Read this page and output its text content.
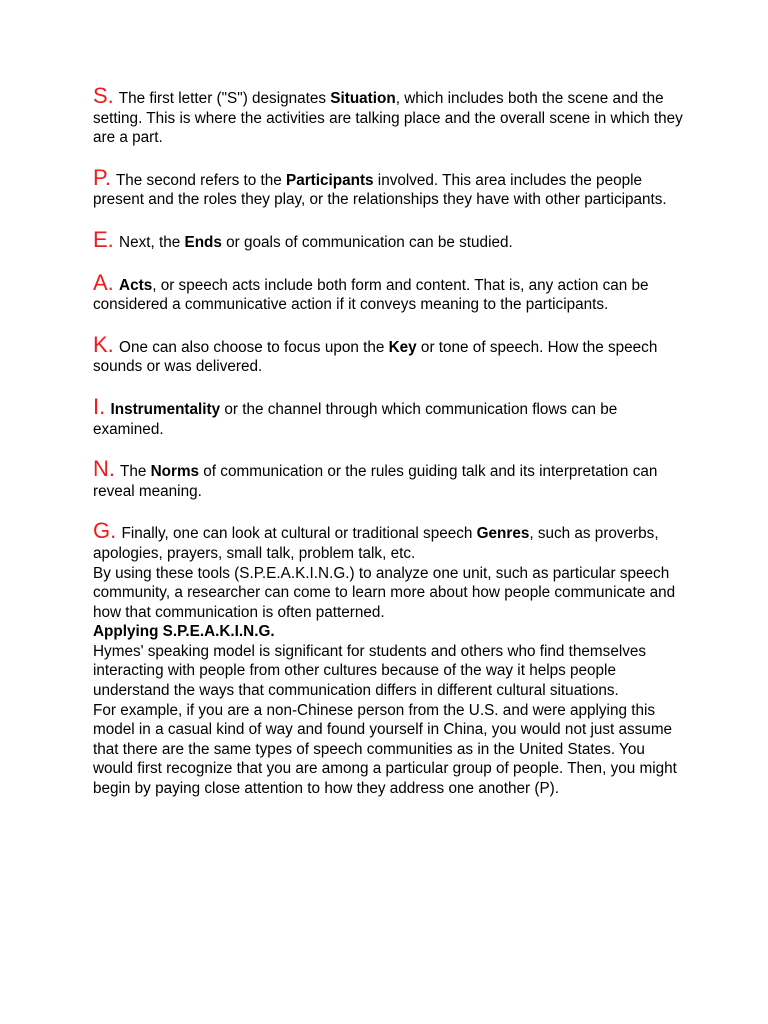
S. The first letter ("S") designates Situation, which includes both the scene and the setting. This is where the activities are talking place and the overall scene in which they are a part.

P. The second refers to the Participants involved. This area includes the people present and the roles they play, or the relationships they have with other participants.

E. Next, the Ends or goals of communication can be studied.

A. Acts, or speech acts include both form and content. That is, any action can be considered a communicative action if it conveys meaning to the participants.

K. One can also choose to focus upon the Key or tone of speech. How the speech sounds or was delivered.

I. Instrumentality or the channel through which communication flows can be examined.

N. The Norms of communication or the rules guiding talk and its interpretation can reveal meaning.

G. Finally, one can look at cultural or traditional speech Genres, such as proverbs, apologies, prayers, small talk, problem talk, etc.

By using these tools (S.P.E.A.K.I.N.G.) to analyze one unit, such as particular speech community, a researcher can come to learn more about how people communicate and how that communication is often patterned.

Applying S.P.E.A.K.I.N.G.

Hymes' speaking model is significant for students and others who find themselves interacting with people from other cultures because of the way it helps people understand the ways that communication differs in different cultural situations.

For example, if you are a non-Chinese person from the U.S. and were applying this model in a casual kind of way and found yourself in China, you would not just assume that there are the same types of speech communities as in the United States. You would first recognize that you are among a particular group of people. Then, you might begin by paying close attention to how they address one another (P).
